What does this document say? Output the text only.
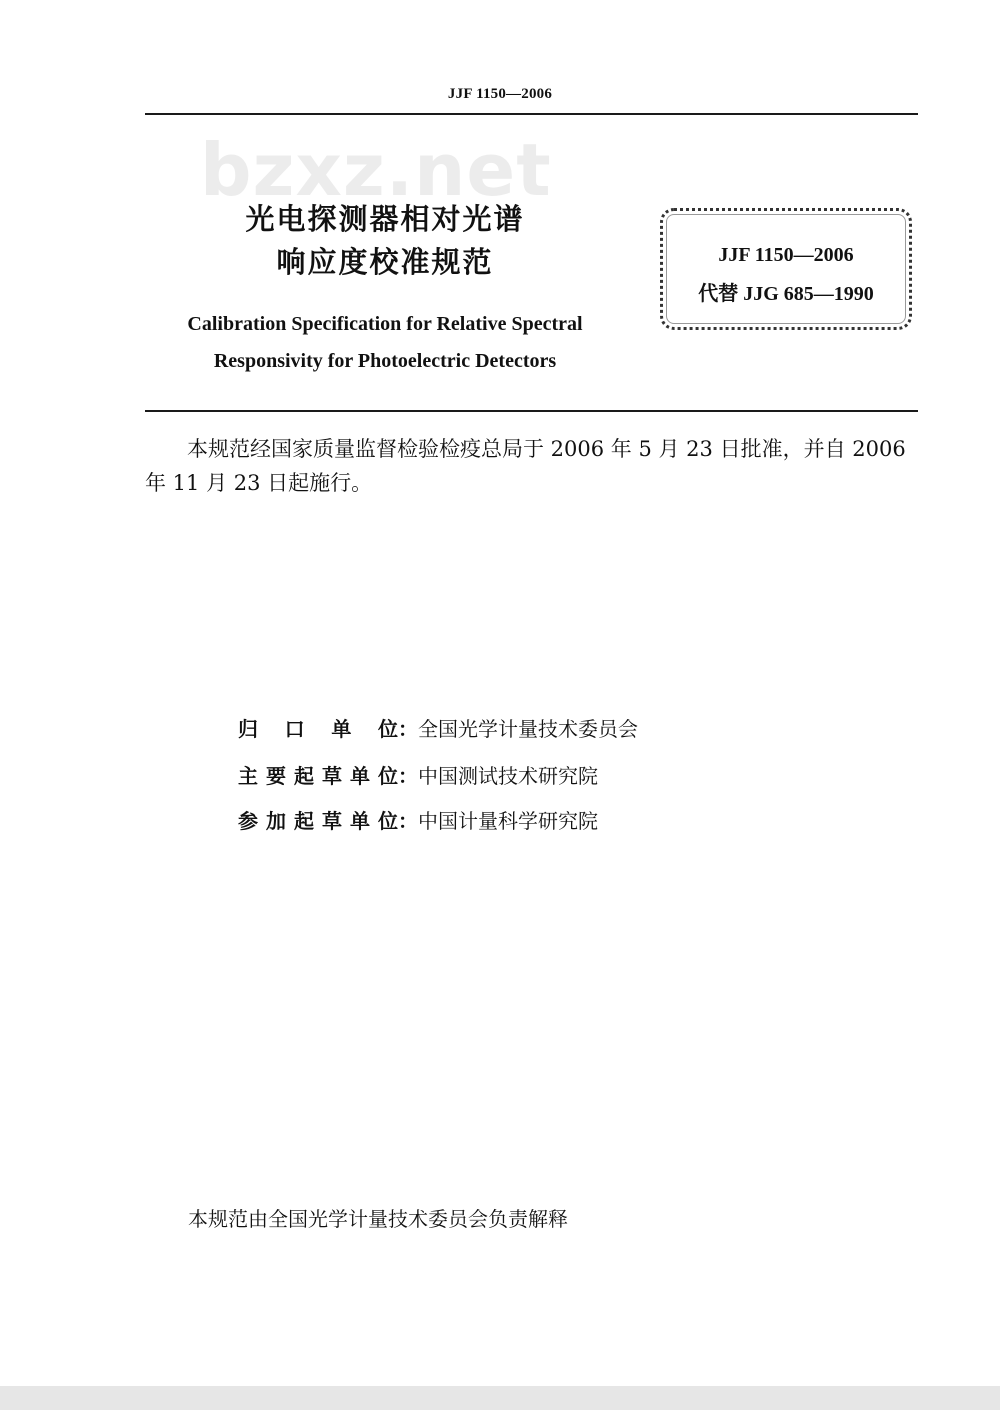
JJF 1150—2006
bzxz.net
光电探测器相对光谱
响应度校准规范	JJF 1150—2006
代替 JJG 685—1990
Calibration Specification for Relative Spectral
Responsivity for Photoelectric Detectors

本规范经国家质量监督检验检疫总局于 2006 年 5 月 23 日批准，并自 2006 年 11 月 23 日起施行。

归口单位：全国光学计量技术委员会
主要起草单位：中国测试技术研究院
参加起草单位：中国计量科学研究院
本规范由全国光学计量技术委员会负责解释
